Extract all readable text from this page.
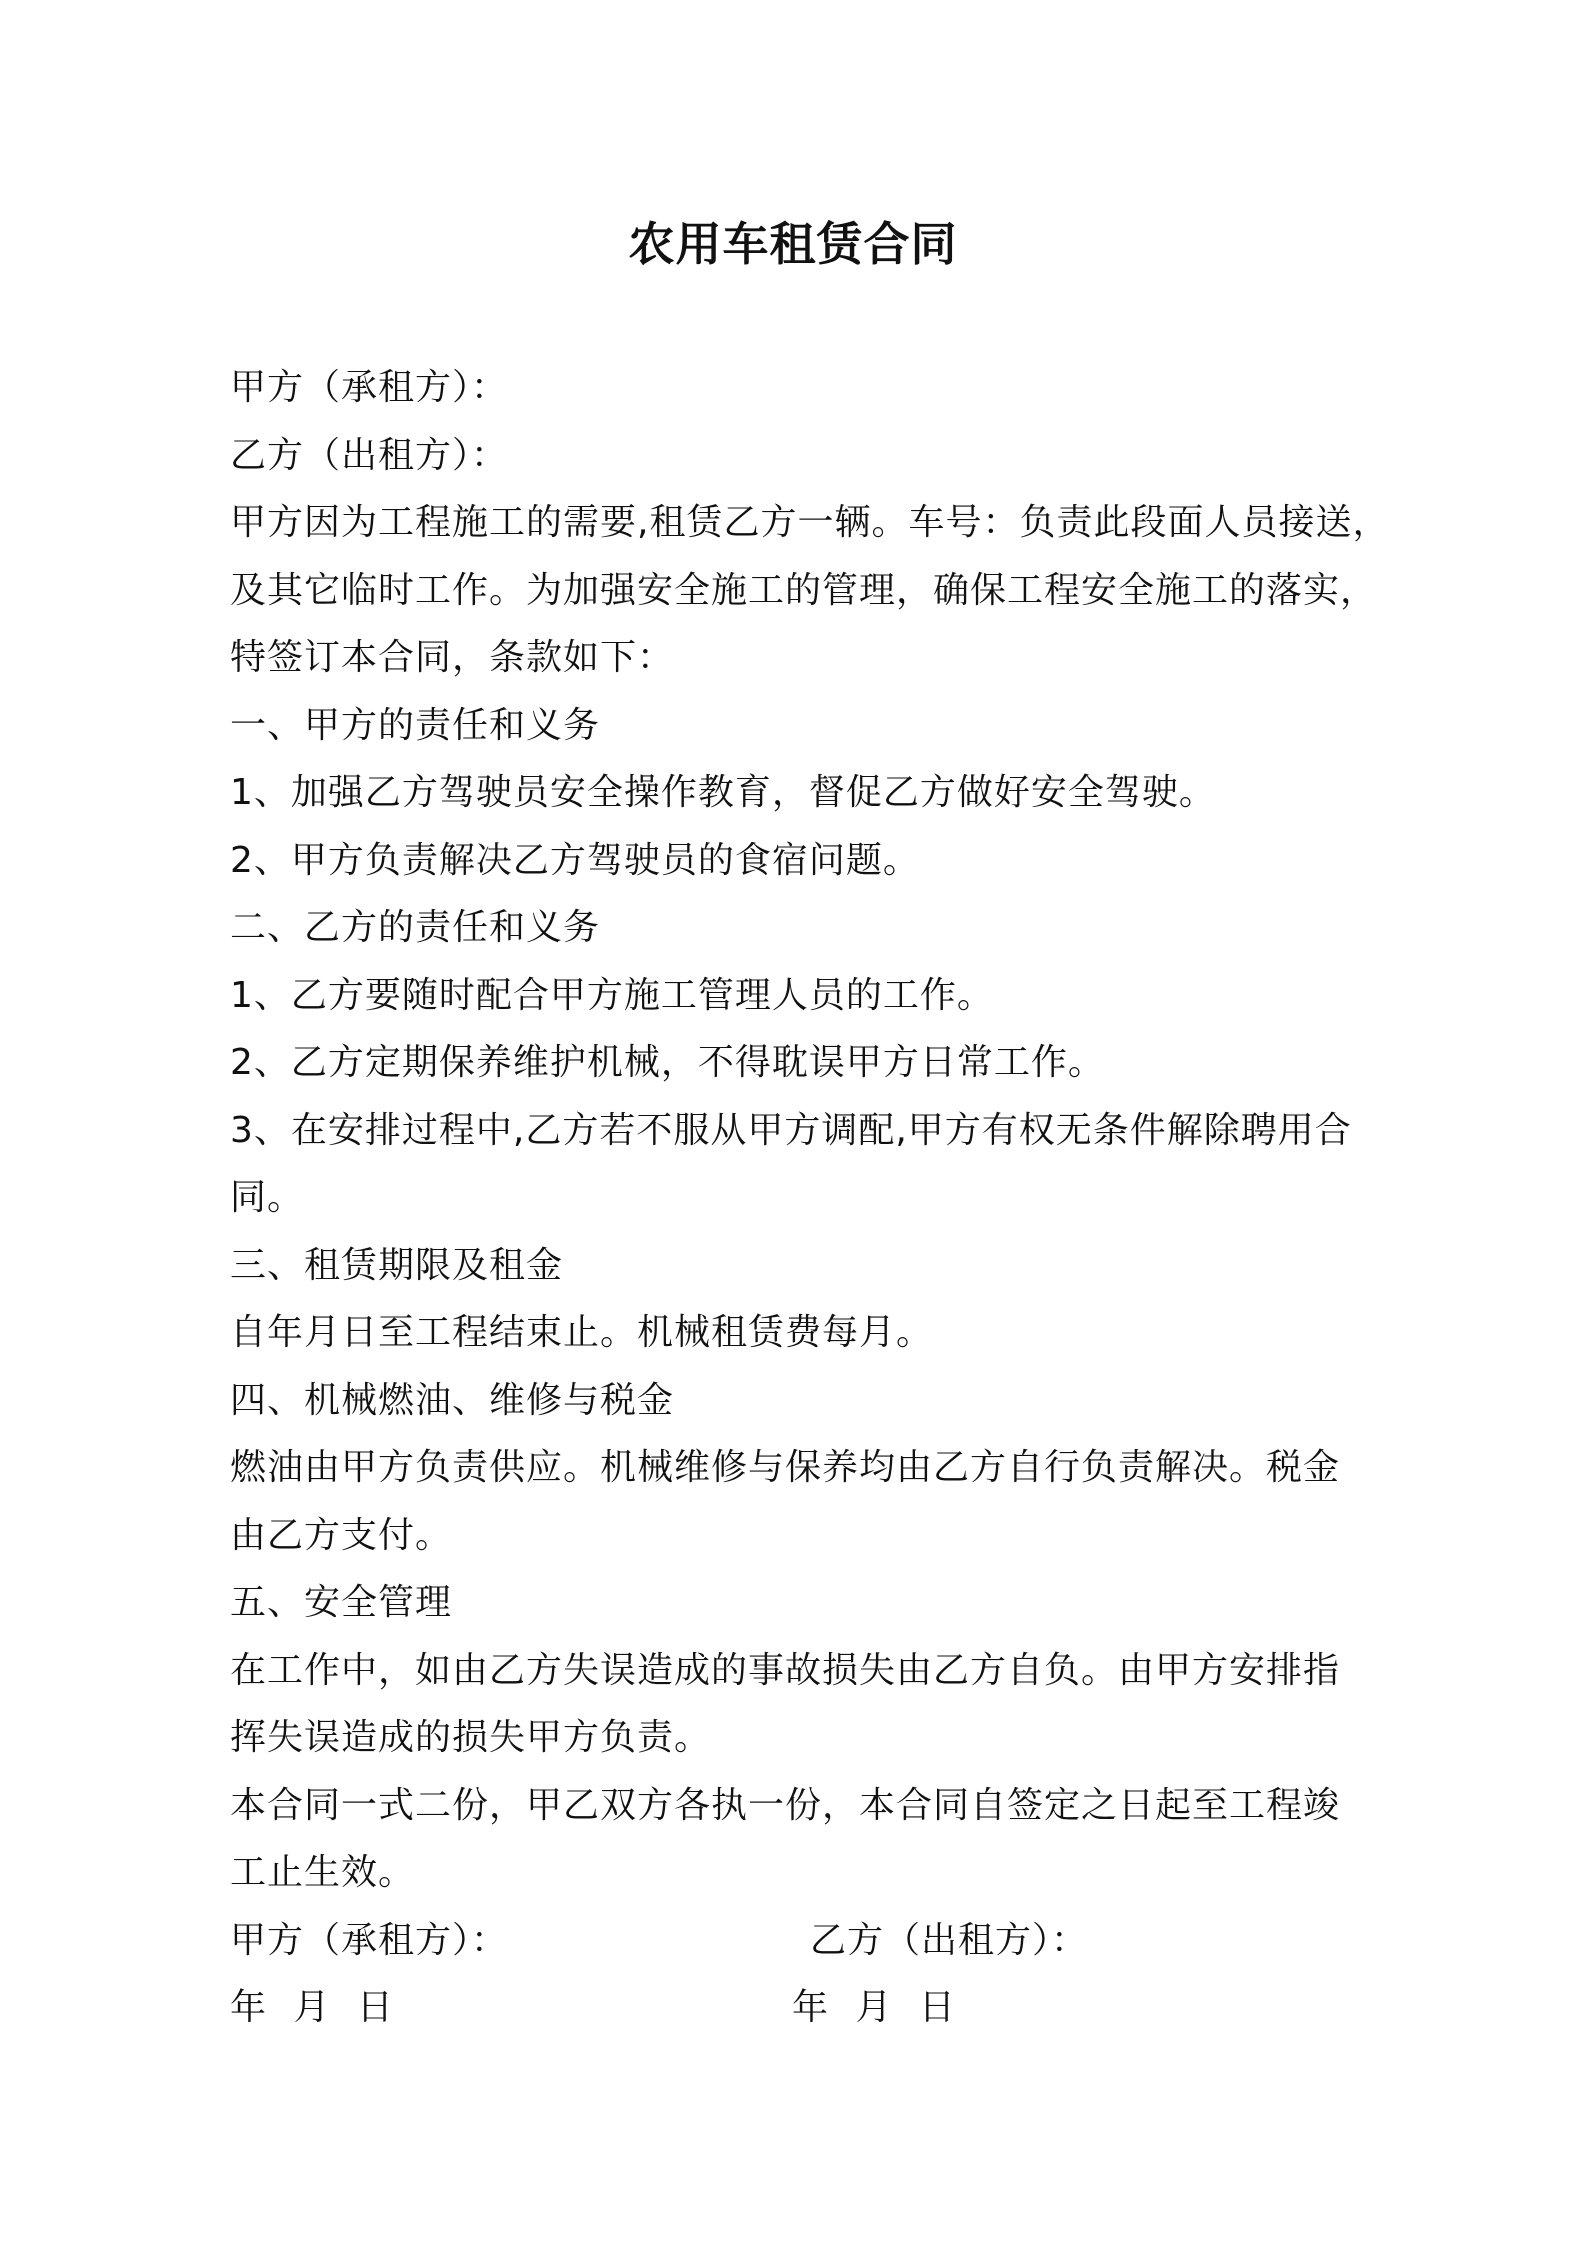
农用车租赁合同
甲方（承租方）：
乙方（出租方）：
甲方因为工程施工的需要,租赁乙方一辆。车号：负责此段面人员接送，
及其它临时工作。为加强安全施工的管理，确保工程安全施工的落实，
特签订本合同，条款如下：
一、甲方的责任和义务
1、加强乙方驾驶员安全操作教育，督促乙方做好安全驾驶。
2、甲方负责解决乙方驾驶员的食宿问题。
二、乙方的责任和义务
1、乙方要随时配合甲方施工管理人员的工作。
2、乙方定期保养维护机械，不得耽误甲方日常工作。
3、在安排过程中,乙方若不服从甲方调配,甲方有权无条件解除聘用合
同。
三、租赁期限及租金
自年月日至工程结束止。机械租赁费每月。
四、机械燃油、维修与税金
燃油由甲方负责供应。机械维修与保养均由乙方自行负责解决。税金
由乙方支付。
五、安全管理
在工作中，如由乙方失误造成的事故损失由乙方自负。由甲方安排指
挥失误造成的损失甲方负责。
本合同一式二份，甲乙双方各执一份，本合同自签定之日起至工程竣
工止生效。
甲方（承租方）：	乙方（出租方）：
年 月 日	年 月 日
